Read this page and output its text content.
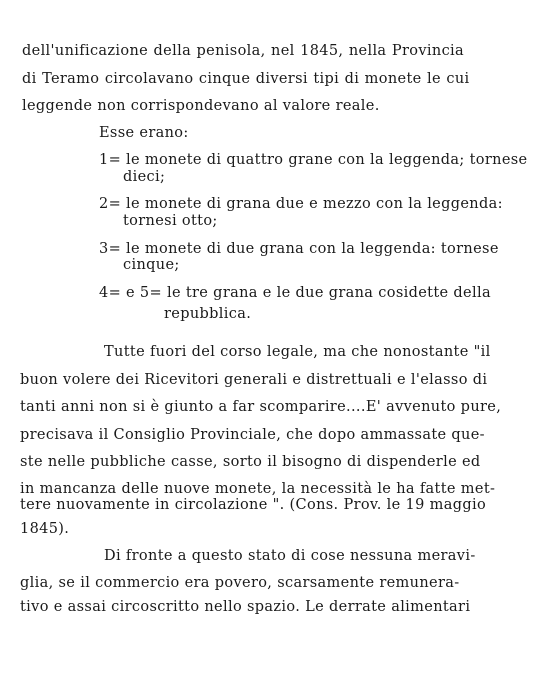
dell'unificazione della penisola, nel 1845, nella Provincia
di Teramo circolavano cinque diversi tipi di monete le cui
leggende non corrispondevano al valore reale.
Esse erano:
1= le monete di quattro grane con la leggenda; tornese
dieci;
2= le monete di grana due e mezzo con la leggenda:
tornesi otto;
3= le monete di due grana con la leggenda: tornese
cinque;
4= e 5= le tre grana e le due grana cosidette della
repubblica.
Tutte fuori del corso legale, ma che nonostante "il
buon volere dei Ricevitori generali e distrettuali e l'elasso di
tanti anni non si è giunto a far scomparire....E' avvenuto pure,
precisava il Consiglio Provinciale, che dopo ammassate que-
ste nelle pubbliche casse, sorto il bisogno di dispenderle ed
in mancanza delle nuove monete, la necessità le ha fatte met-
tere nuovamente in circolazione ". (Cons. Prov. le 19 maggio
1845).
Di fronte a questo stato di cose nessuna meravi-
glia, se il commercio era povero, scarsamente remunera-
tivo e assai circoscritto nello spazio. Le derrate alimentari
